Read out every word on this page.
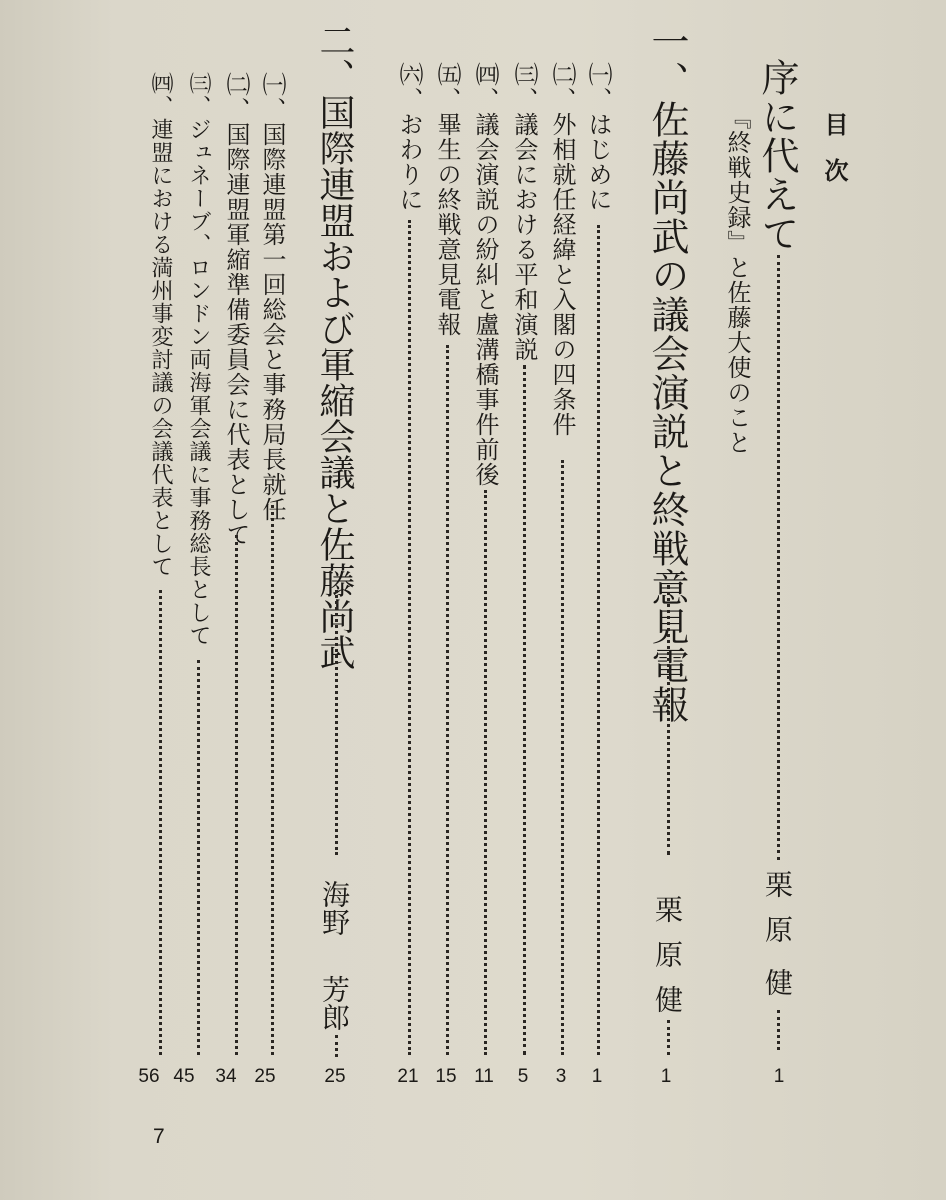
目次
序に代えて
栗
原
健
1
『終戦史録』と佐藤大使のこと
一、佐藤尚武の議会演説と終戦意見電報
栗
原
健
1
㈠、はじめに
1
㈡、外相就任経緯と入閣の四条件
3
㈢、議会における平和演説
5
㈣、議会演説の紛糾と盧溝橋事件前後
11
㈤、畢生の終戦意見電報
15
㈥、おわりに
21
二、国際連盟および軍縮会議と佐藤尚武
海野
芳郎
25
㈠、国際連盟第一回総会と事務局長就任
25
㈡、国際連盟軍縮準備委員会に代表として
34
㈢、ジュネーブ、ロンドン両海軍会議に事務総長として
45
㈣、連盟における満州事変討議の会議代表として
56
7
